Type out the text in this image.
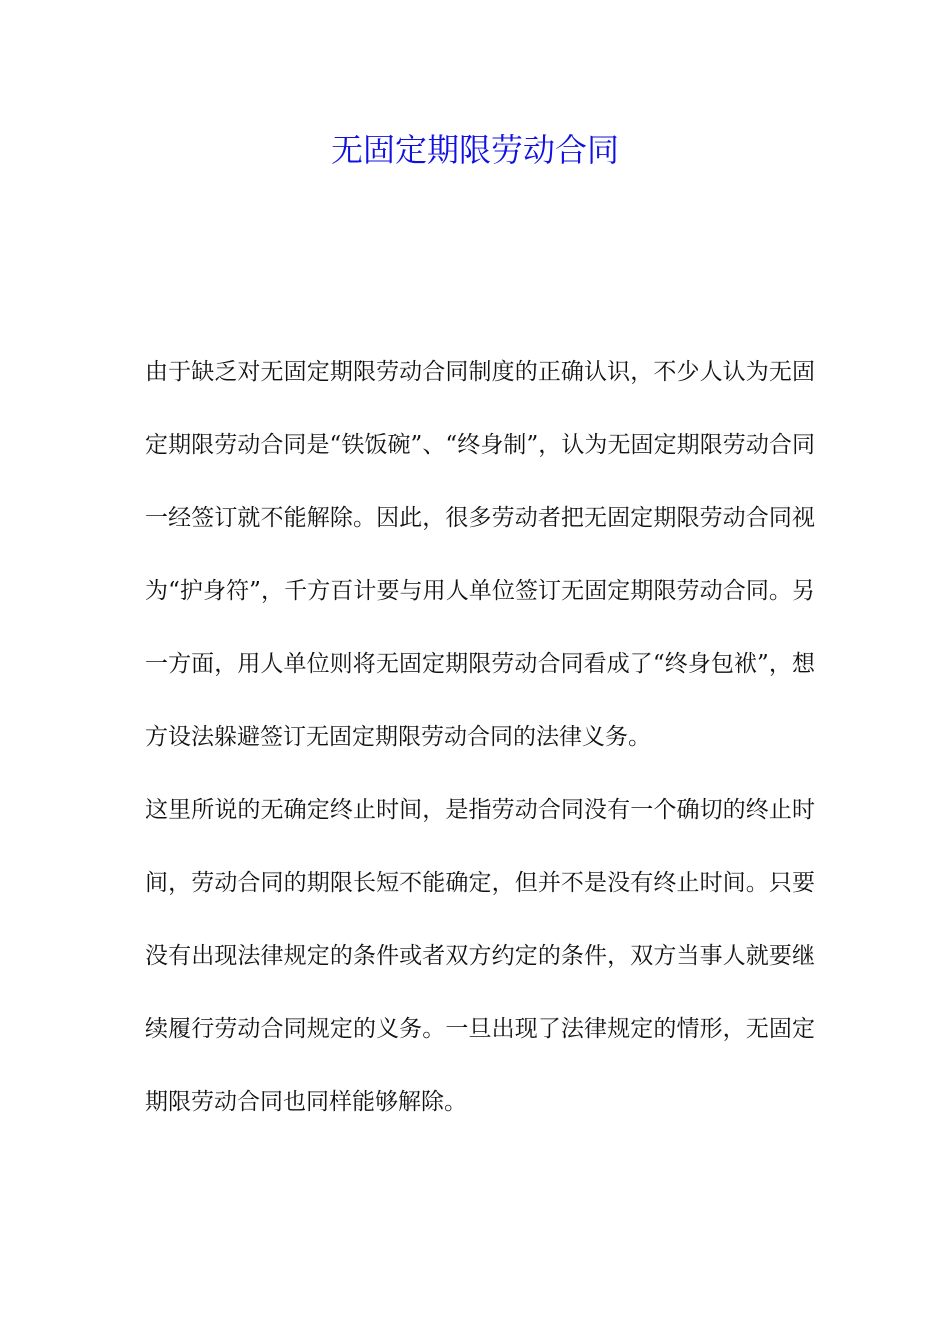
无固定期限劳动合同

由于缺乏对无固定期限劳动合同制度的正确认识，不少人认为无固定期限劳动合同是“铁饭碗”、“终身制”，认为无固定期限劳动合同一经签订就不能解除。因此，很多劳动者把无固定期限劳动合同视为“护身符”，千方百计要与用人单位签订无固定期限劳动合同。另一方面，用人单位则将无固定期限劳动合同看成了“终身包袱”，想方设法躲避签订无固定期限劳动合同的法律义务。

这里所说的无确定终止时间，是指劳动合同没有一个确切的终止时间，劳动合同的期限长短不能确定，但并不是没有终止时间。只要没有出现法律规定的条件或者双方约定的条件，双方当事人就要继续履行劳动合同规定的义务。一旦出现了法律规定的情形，无固定期限劳动合同也同样能够解除。
